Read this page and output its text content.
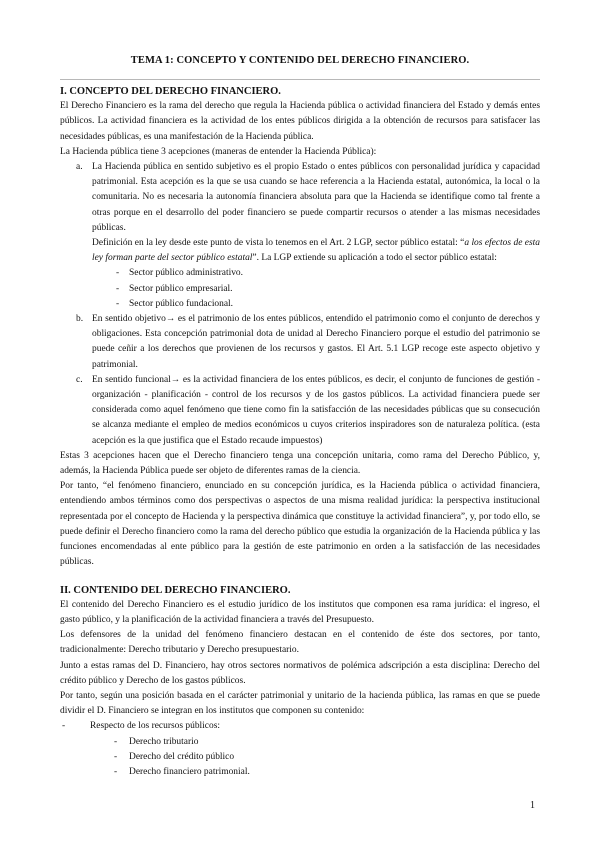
TEMA 1: CONCEPTO Y CONTENIDO DEL DERECHO FINANCIERO.
I. CONCEPTO DEL DERECHO FINANCIERO.

El Derecho Financiero es la rama del derecho que regula la Hacienda pública o actividad financiera del Estado y demás entes públicos. La actividad financiera es la actividad de los entes públicos dirigida a la obtención de recursos para satisfacer las necesidades públicas, es una manifestación de la Hacienda pública.

La Hacienda pública tiene 3 acepciones (maneras de entender la Hacienda Pública):

a. La Hacienda pública en sentido subjetivo es el propio Estado o entes públicos con personalidad jurídica y capacidad patrimonial. Esta acepción es la que se usa cuando se hace referencia a la Hacienda estatal, autonómica, la local o la comunitaria. No es necesaria la autonomía financiera absoluta para que la Hacienda se identifique como tal frente a otras porque en el desarrollo del poder financiero se puede compartir recursos o atender a las mismas necesidades públicas.
Definición en la ley desde este punto de vista lo tenemos en el Art. 2 LGP, sector público estatal: “a los efectos de esta ley forman parte del sector público estatal”. La LGP extiende su aplicación a todo el sector público estatal:
- Sector público administrativo.
- Sector público empresarial.
- Sector público fundacional.
b. En sentido objetivo→ es el patrimonio de los entes públicos, entendido el patrimonio como el conjunto de derechos y obligaciones. Esta concepción patrimonial dota de unidad al Derecho Financiero porque el estudio del patrimonio se puede ceñir a los derechos que provienen de los recursos y gastos. El Art. 5.1 LGP recoge este aspecto objetivo y patrimonial.
c. En sentido funcional→ es la actividad financiera de los entes públicos, es decir, el conjunto de funciones de gestión - organización - planificación - control de los recursos y de los gastos públicos. La actividad financiera puede ser considerada como aquel fenómeno que tiene como fin la satisfacción de las necesidades públicas que su consecución se alcanza mediante el empleo de medios económicos u cuyos criterios inspiradores son de naturaleza política. (esta acepción es la que justifica que el Estado recaude impuestos)

Estas 3 acepciones hacen que el Derecho financiero tenga una concepción unitaria, como rama del Derecho Público, y, además, la Hacienda Pública puede ser objeto de diferentes ramas de la ciencia.

Por tanto, “el fenómeno financiero, enunciado en su concepción jurídica, es la Hacienda pública o actividad financiera, entendiendo ambos términos como dos perspectivas o aspectos de una misma realidad jurídica: la perspectiva institucional representada por el concepto de Hacienda y la perspectiva dinámica que constituye la actividad financiera”, y, por todo ello, se puede definir el Derecho financiero como la rama del derecho público que estudia la organización de la Hacienda pública y las funciones encomendadas al ente público para la gestión de este patrimonio en orden a la satisfacción de las necesidades públicas.

II. CONTENIDO DEL DERECHO FINANCIERO.

El contenido del Derecho Financiero es el estudio jurídico de los institutos que componen esa rama jurídica: el ingreso, el gasto público, y la planificación de la actividad financiera a través del Presupuesto.

Los defensores de la unidad del fenómeno financiero destacan en el contenido de éste dos sectores, por tanto, tradicionalmente: Derecho tributario y Derecho presupuestario.

Junto a estas ramas del D. Financiero, hay otros sectores normativos de polémica adscripción a esta disciplina: Derecho del crédito público y Derecho de los gastos públicos.

Por tanto, según una posición basada en el carácter patrimonial y unitario de la hacienda pública, las ramas en que se puede dividir el D. Financiero se integran en los institutos que componen su contenido:

-	Respecto de los recursos públicos:
- Derecho tributario
- Derecho del crédito público
- Derecho financiero patrimonial.
1
